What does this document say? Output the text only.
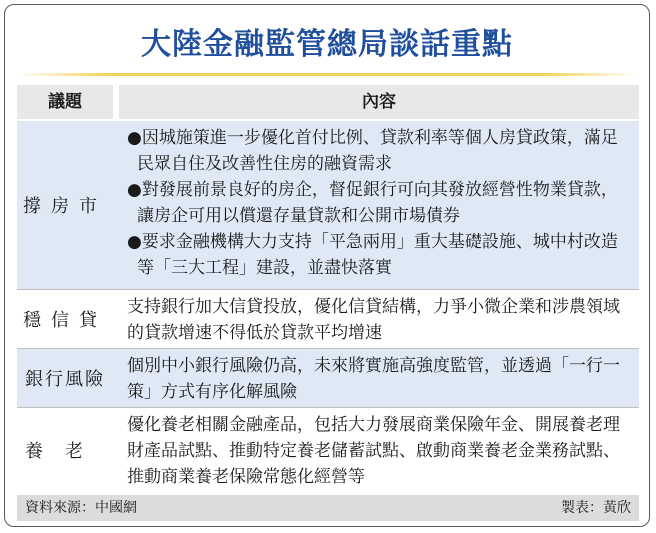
大陸金融監管總局談話重點
議題	內容
撐房市

●因城施策進一步優化首付比例、貸款利率等個人房貸政策，滿足民眾自住及改善性住房的融資需求

●對發展前景良好的房企，督促銀行可向其發放經營性物業貸款，讓房企可用以償還存量貸款和公開市場債券

●要求金融機構大力支持「平急兩用」重大基礎設施、城中村改造等「三大工程」建設，並盡快落實

穩信貸

支持銀行加大信貸投放，優化信貸結構，力爭小微企業和涉農領域的貸款增速不得低於貸款平均增速

銀行風險

個別中小銀行風險仍高，未來將實施高強度監管，並透過「一行一策」方式有序化解風險

養老

優化養老相關金融產品，包括大力發展商業保險年金、開展養老理財產品試點、推動特定養老儲蓄試點、啟動商業養老金業務試點、推動商業養老保險常態化經營等

資料來源：中國網	製表：黃欣
